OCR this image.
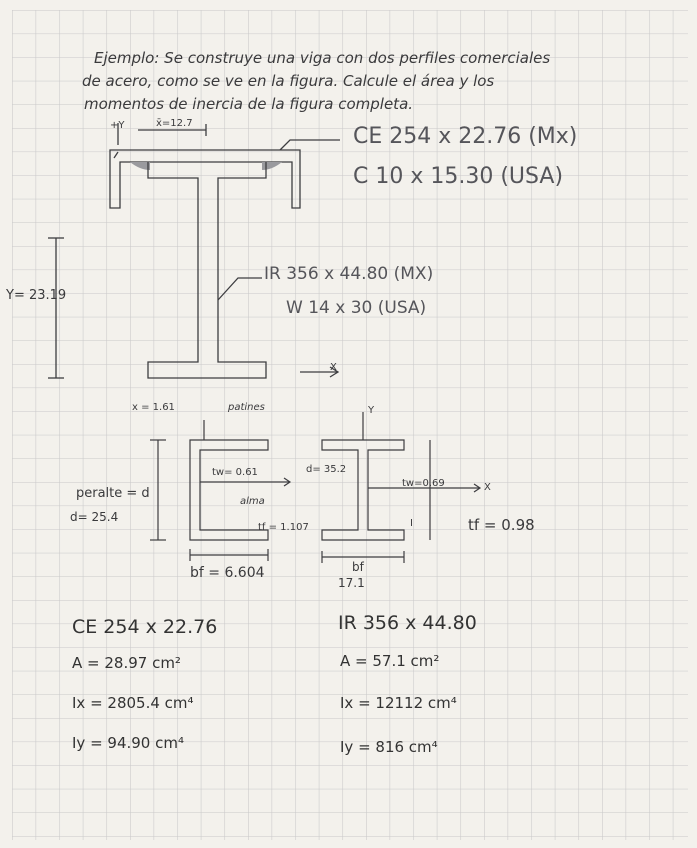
Ejemplo: Se construye una viga con dos perfiles comerciales
de acero, como se ve en la figura. Calcule el área y los
momentos de inercia de la figura completa.
+Y	x̄=12.7
CE 254 x 22.76 (Mx)
C 10 x 15.30 (USA)
IR 356 x 44.80 (MX)
W 14 x 30 (USA)
Y= 23.19
X
x = 1.61	patines
peralte = d
d= 25.4
tw= 0.61
alma
tf = 1.107
bf = 6.604
Y
d= 35.2
tw=0.69	X
I	tf = 0.98
bf
17.1
CE 254 x 22.76
A = 28.97 cm²
Ix = 2805.4 cm⁴
Iy = 94.90 cm⁴
IR 356 x 44.80
A = 57.1 cm²
Ix = 12112 cm⁴
Iy = 816 cm⁴
